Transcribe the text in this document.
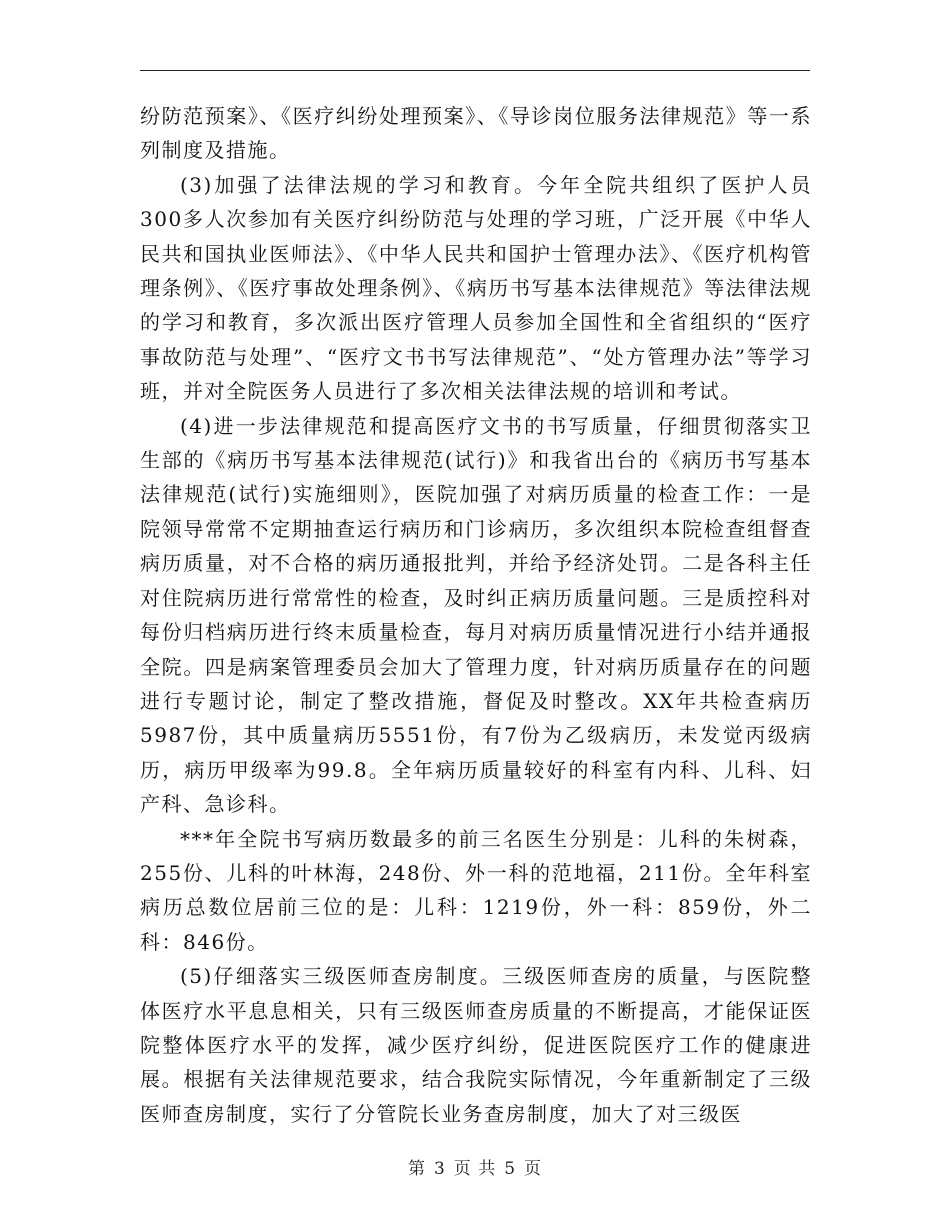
纷防范预案》、《医疗纠纷处理预案》、《导诊岗位服务法律规范》等一系列制度及措施。

(3)加强了法律法规的学习和教育。今年全院共组织了医护人员300多人次参加有关医疗纠纷防范与处理的学习班，广泛开展《中华人民共和国执业医师法》、《中华人民共和国护士管理办法》、《医疗机构管理条例》、《医疗事故处理条例》、《病历书写基本法律规范》等法律法规的学习和教育，多次派出医疗管理人员参加全国性和全省组织的“医疗事故防范与处理”、“医疗文书书写法律规范”、“处方管理办法”等学习班，并对全院医务人员进行了多次相关法律法规的培训和考试。

(4)进一步法律规范和提高医疗文书的书写质量，仔细贯彻落实卫生部的《病历书写基本法律规范(试行)》和我省出台的《病历书写基本法律规范(试行)实施细则》，医院加强了对病历质量的检查工作：一是院领导常常不定期抽查运行病历和门诊病历，多次组织本院检查组督查病历质量，对不合格的病历通报批判，并给予经济处罚。二是各科主任对住院病历进行常常性的检查，及时纠正病历质量问题。三是质控科对每份归档病历进行终末质量检查，每月对病历质量情况进行小结并通报全院。四是病案管理委员会加大了管理力度，针对病历质量存在的问题进行专题讨论，制定了整改措施，督促及时整改。XX年共检查病历5987份，其中质量病历5551份，有7份为乙级病历，未发觉丙级病历，病历甲级率为99.8。全年病历质量较好的科室有内科、儿科、妇产科、急诊科。

***年全院书写病历数最多的前三名医生分别是：儿科的朱树森，255份、儿科的叶林海，248份、外一科的范地福，211份。全年科室病历总数位居前三位的是：儿科：1219份，外一科：859份，外二科：846份。

(5)仔细落实三级医师查房制度。三级医师查房的质量，与医院整体医疗水平息息相关，只有三级医师查房质量的不断提高，才能保证医院整体医疗水平的发挥，减少医疗纠纷，促进医院医疗工作的健康进展。根据有关法律规范要求，结合我院实际情况，今年重新制定了三级医师查房制度，实行了分管院长业务查房制度，加大了对三级医

第 3 页 共 5 页
